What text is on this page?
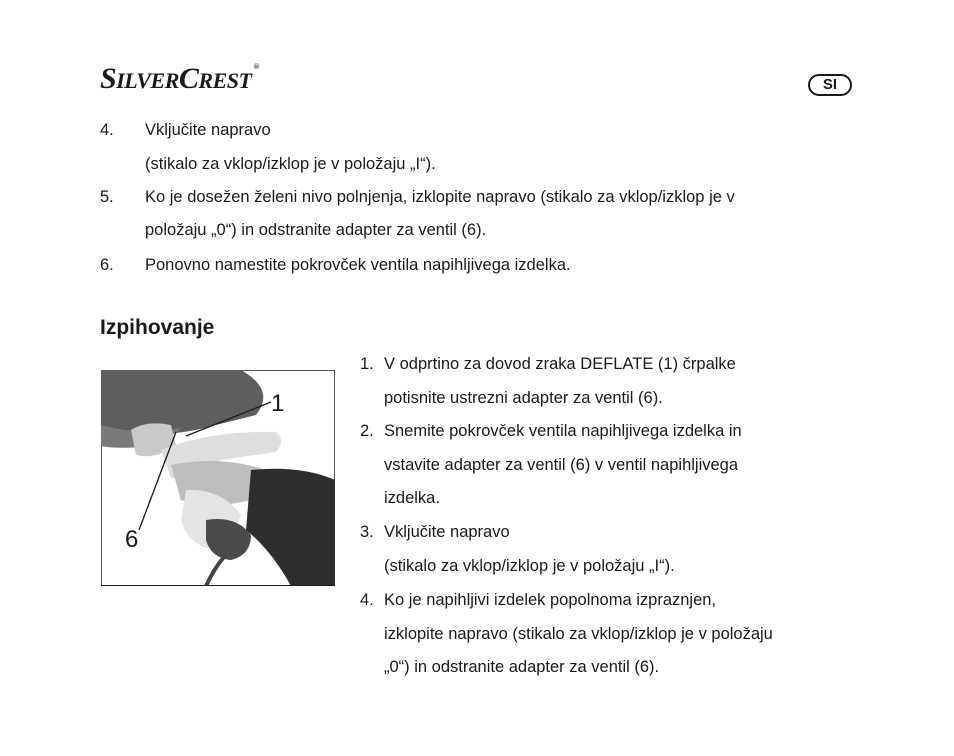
SILVERCREST®
SI
4. Vključite napravo
(stikalo za vklop/izklop je v položaju „I“).
5. Ko je dosežen želeni nivo polnjenja, izklopite napravo (stikalo za vklop/izklop je v
položaju „0“) in odstranite adapter za ventil (6).
6. Ponovno namestite pokrovček ventila napihljivega izdelka.
Izpihovanje
1
6
1. V odprtino za dovod zraka DEFLATE (1) črpalke
potisnite ustrezni adapter za ventil (6).
2. Snemite pokrovček ventila napihljivega izdelka in
vstavite adapter za ventil (6) v ventil napihljivega
izdelka.
3. Vključite napravo
(stikalo za vklop/izklop je v položaju „I“).
4. Ko je napihljivi izdelek popolnoma izpraznjen,
izklopite napravo (stikalo za vklop/izklop je v položaju
„0“) in odstranite adapter za ventil (6).
